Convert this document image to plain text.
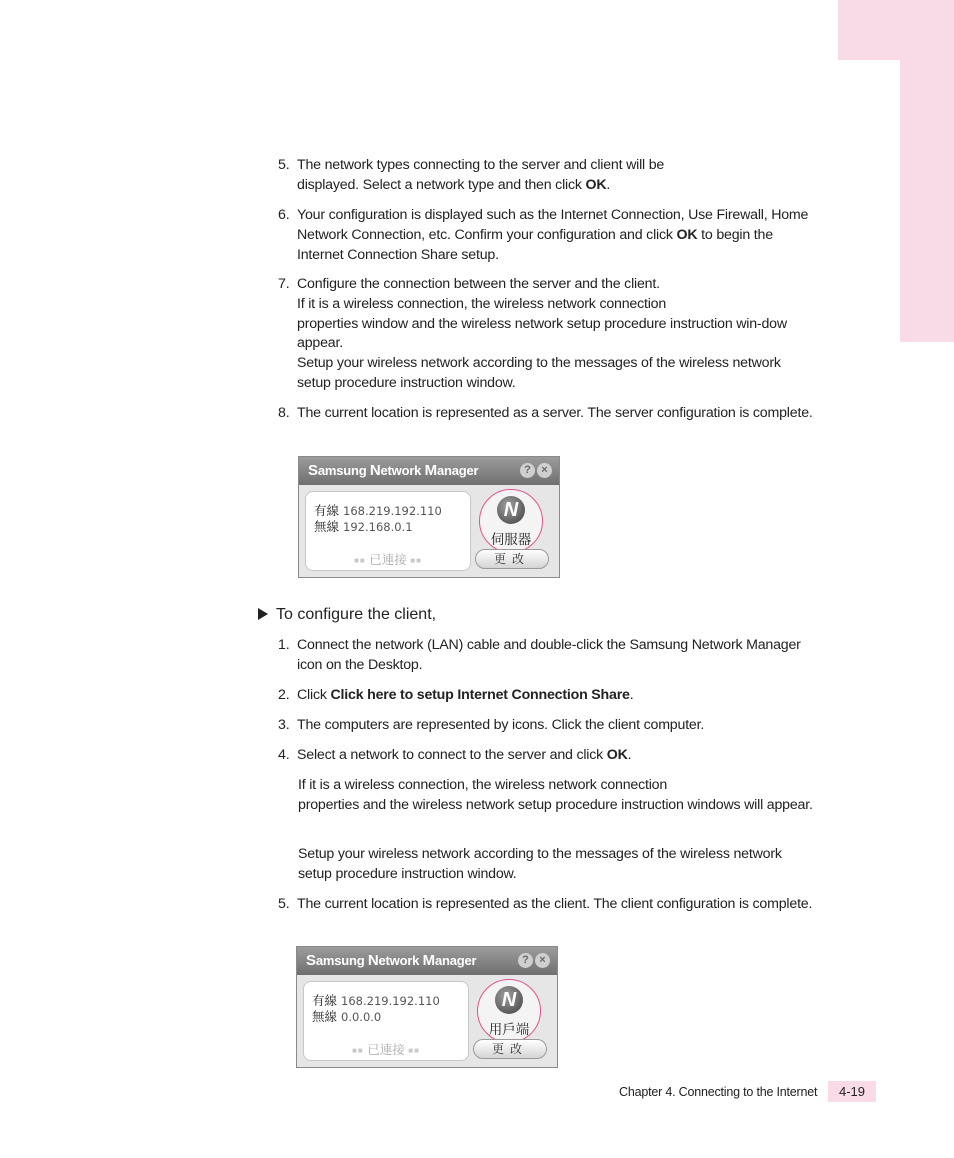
5. The network types connecting to the server and client will be
displayed. Select a network type and then click OK.
6. Your configuration is displayed such as the Internet Connection, Use Firewall, Home Network Connection, etc. Confirm your configuration and click OK to begin the Internet Connection Share setup.
7. Configure the connection between the server and the client.
If it is a wireless connection, the wireless network connection
properties window and the wireless network setup procedure instruction win-dow appear.
Setup your wireless network according to the messages of the wireless network setup procedure instruction window.
8. The current location is represented as a server. The server configuration is complete.
Samsung Network Manager	? ×
有線 168.219.192.110
無線 192.168.0.1
■■ 已連接 ■■
N
伺服器
更改
To configure the client,
1. Connect the network (LAN) cable and double-click the Samsung Network Manager icon on the Desktop.
2. Click Click here to setup Internet Connection Share.
3. The computers are represented by icons. Click the client computer.
4. Select a network to connect to the server and click OK.
If it is a wireless connection, the wireless network connection
properties and the wireless network setup procedure instruction windows will appear.
Setup your wireless network according to the messages of the wireless network setup procedure instruction window.
5. The current location is represented as the client. The client configuration is complete.
Samsung Network Manager	? ×
有線 168.219.192.110
無線 0.0.0.0
■■ 已連接 ■■
N
用戶端
更改
Chapter 4. Connecting to the Internet	4-19
